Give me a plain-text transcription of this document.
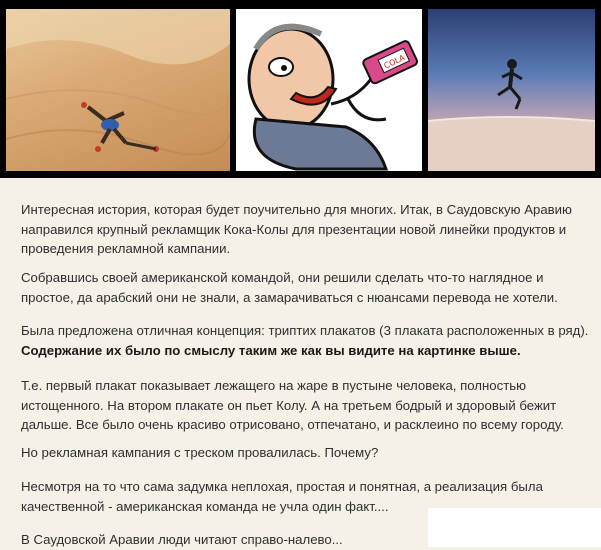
COLA

Интересная история, которая будет поучительно для многих. Итак, в Саудовскую Аравию
направился крупный рекламщик Кока-Колы для презентации новой линейки продуктов и
проведения рекламной кампании.

Собравшись своей американской командой, они решили сделать что-то наглядное и
простое, да арабский они не знали, а замарачиваться с нюансами перевода не хотели.

Была предложена отличная концепция: триптих плакатов (3 плаката расположенных в ряд).
Содержание их было по смыслу таким же как вы видите на картинке выше.

Т.е. первый плакат показывает лежащего на жаре в пустыне человека, полностью
истощенного. На втором плакате он пьет Колу. А на третьем бодрый и здоровый бежит
дальше. Все было очень красиво отрисовано, отпечатано, и расклеино по всему городу.

Но рекламная кампания с треском провалилась. Почему?

Несмотря на то что сама задумка неплохая, простая и понятная, а реализация была
качественной - американская команда не учла один факт....

В Саудовской Аравии люди читают справо-налево...
